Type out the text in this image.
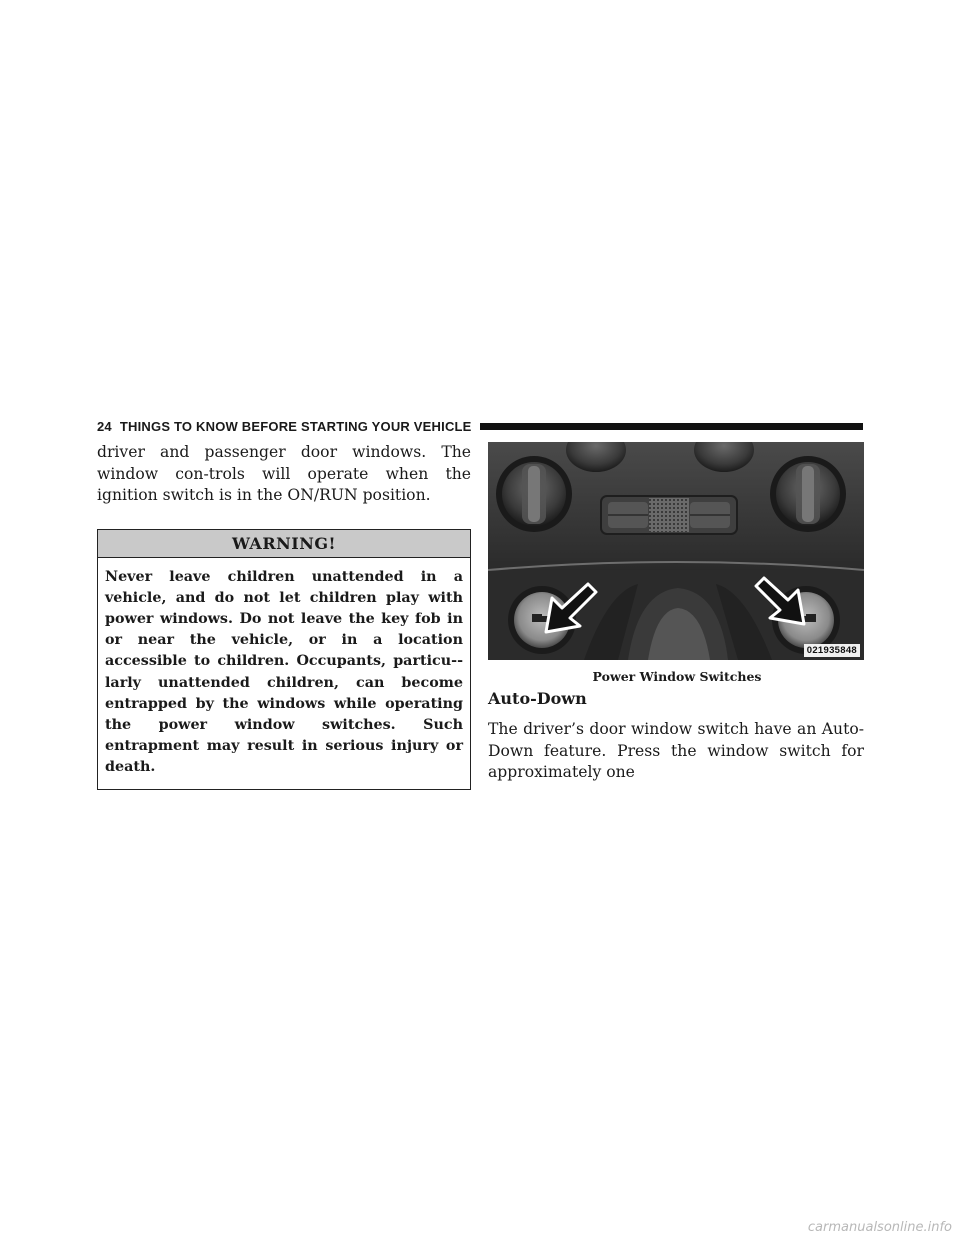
24 THINGS TO KNOW BEFORE STARTING YOUR VEHICLE

driver and passenger door windows. The window con-trols will operate when the ignition switch is in the ON/RUN position.

WARNING!
Never leave children unattended in a vehicle, and do not let children play with power windows. Do not leave the key fob in or near the vehicle, or in a location accessible to children. Occupants, particu-larly unattended children, can become entrapped by the windows while operating the power window switches. Such entrapment may result in serious injury or death.
021935848
Power Window Switches
Auto-Down

The driver’s door window switch have an Auto-Down feature. Press the window switch for approximately one

carmanualsonline.info
